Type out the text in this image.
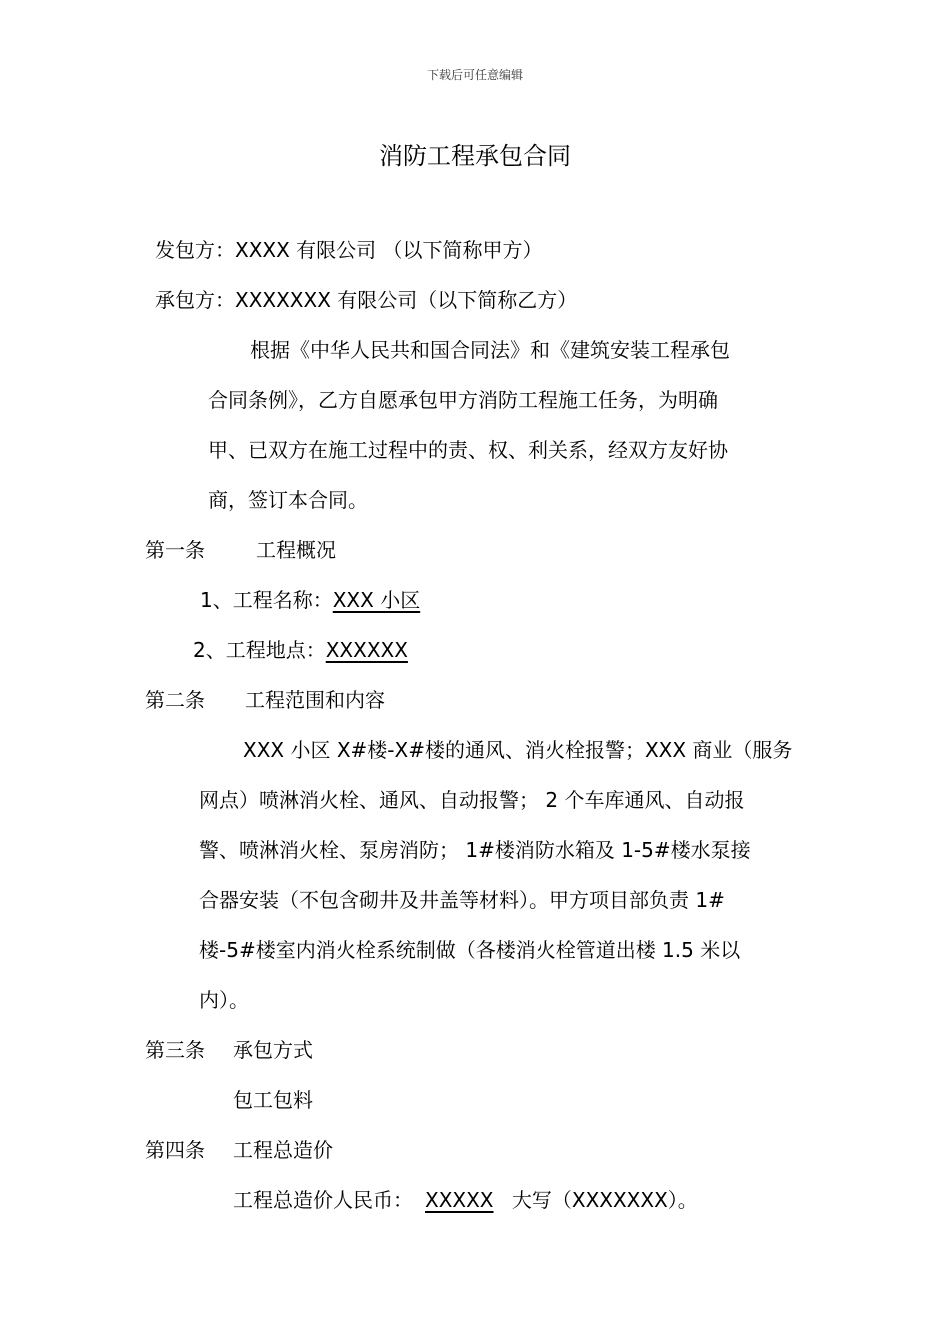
下载后可任意编辑
消防工程承包合同
发包方：XXXX 有限公司 （以下简称甲方）
承包方：XXXXXXX 有限公司（以下简称乙方）
根据《中华人民共和国合同法》和《建筑安装工程承包
合同条例》，乙方自愿承包甲方消防工程施工任务，为明确
甲、已双方在施工过程中的责、权、利关系，经双方友好协
商，签订本合同。
第一条	工程概况
1、工程名称：XXX 小区
2、工程地点：XXXXXX
第二条 工程范围和内容
XXX 小区 X#楼-X#楼的通风、消火栓报警；XXX 商业（服务
网点）喷淋消火栓、通风、自动报警； 2 个车库通风、自动报
警、喷淋消火栓、泵房消防； 1#楼消防水箱及 1-5#楼水泵接
合器安装（不包含砌井及井盖等材料）。甲方项目部负责 1#
楼-5#楼室内消火栓系统制做（各楼消火栓管道出楼 1.5 米以
内）。
第三条 承包方式
包工包料
第四条 工程总造价
工程总造价人民币： XXXXX 大写（XXXXXXX）。
